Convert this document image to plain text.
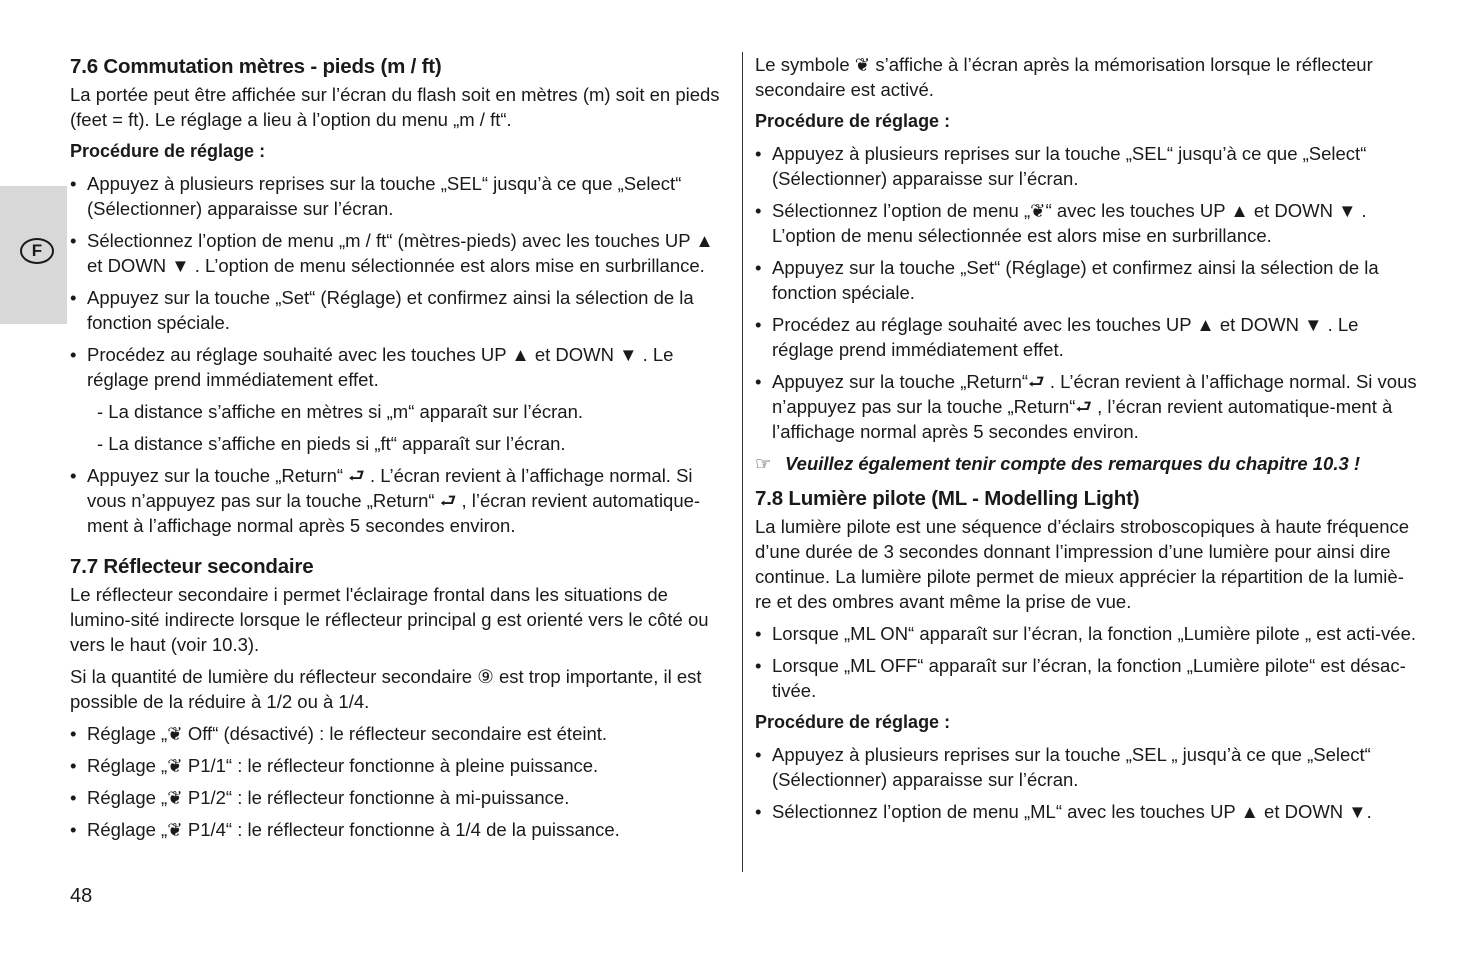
F
7.6 Commutation mètres - pieds (m / ft)

La portée peut être affichée sur l’écran du flash soit en mètres (m) soit en pieds (feet = ft). Le réglage a lieu à l’option du menu „m / ft“.

Procédure de réglage :
• Appuyez à plusieurs reprises sur la touche „SEL“ jusqu’à ce que „Select“ (Sélectionner) apparaisse sur l’écran.
• Sélectionnez l’option de menu „m / ft“ (mètres-pieds) avec les touches UP ▲ et DOWN ▼ . L’option de menu sélectionnée est alors mise en surbrillance.
• Appuyez sur la touche „Set“ (Réglage) et confirmez ainsi la sélection de la fonction spéciale.
• Procédez au réglage souhaité avec les touches UP ▲ et DOWN ▼ . Le réglage prend immédiatement effet.
- La distance s’affiche en mètres si „m“ apparaît sur l’écran.
- La distance s’affiche en pieds si „ft“ apparaît sur l’écran.
• Appuyez sur la touche „Return“ ⮐ . L’écran revient à l’affichage normal. Si vous n’appuyez pas sur la touche „Return“ ⮐ , l’écran revient automatique-ment à l’affichage normal après 5 secondes environ.
7.7 Réflecteur secondaire

Le réflecteur secondaire i permet l'éclairage frontal dans les situations de lumino-sité indirecte lorsque le réflecteur principal g est orienté vers le côté ou vers le haut (voir 10.3).

Si la quantité de lumière du réflecteur secondaire ⑨ est trop importante, il est possible de la réduire à 1/2 ou à 1/4.

• Réglage „❦ Off“ (désactivé) : le réflecteur secondaire est éteint.
• Réglage „❦ P1/1“ : le réflecteur fonctionne à pleine puissance.
• Réglage „❦ P1/2“ : le réflecteur fonctionne à mi-puissance.
• Réglage „❦ P1/4“ : le réflecteur fonctionne à 1/4 de la puissance.

Le symbole ❦ s’affiche à l’écran après la mémorisation lorsque le réflecteur secondaire est activé.

Procédure de réglage :
• Appuyez à plusieurs reprises sur la touche „SEL“ jusqu’à ce que „Select“ (Sélectionner) apparaisse sur l’écran.
• Sélectionnez l’option de menu „❦“ avec les touches UP ▲ et DOWN ▼ . L’option de menu sélectionnée est alors mise en surbrillance.
• Appuyez sur la touche „Set“ (Réglage) et confirmez ainsi la sélection de la fonction spéciale.
• Procédez au réglage souhaité avec les touches UP ▲ et DOWN ▼ . Le réglage prend immédiatement effet.
• Appuyez sur la touche „Return“⮐ . L’écran revient à l’affichage normal. Si vous n’appuyez pas sur la touche „Return“⮐ , l’écran revient automatique-ment à l’affichage normal après 5 secondes environ.
☞ Veuillez également tenir compte des remarques du chapitre 10.3 !
7.8 Lumière pilote (ML - Modelling Light)

La lumière pilote est une séquence d’éclairs stroboscopiques à haute fréquence d’une durée de 3 secondes donnant l’impression d’une lumière pour ainsi dire continue. La lumière pilote permet de mieux apprécier la répartition de la lumiè-re et des ombres avant même la prise de vue.

• Lorsque „ML ON“ apparaît sur l’écran, la fonction „Lumière pilote „ est acti-vée.
• Lorsque „ML OFF“ apparaît sur l’écran, la fonction „Lumière pilote“ est désac-tivée.
Procédure de réglage :
• Appuyez à plusieurs reprises sur la touche „SEL „ jusqu’à ce que „Select“ (Sélectionner) apparaisse sur l’écran.
• Sélectionnez l’option de menu „ML“ avec les touches UP ▲ et DOWN ▼.
48
